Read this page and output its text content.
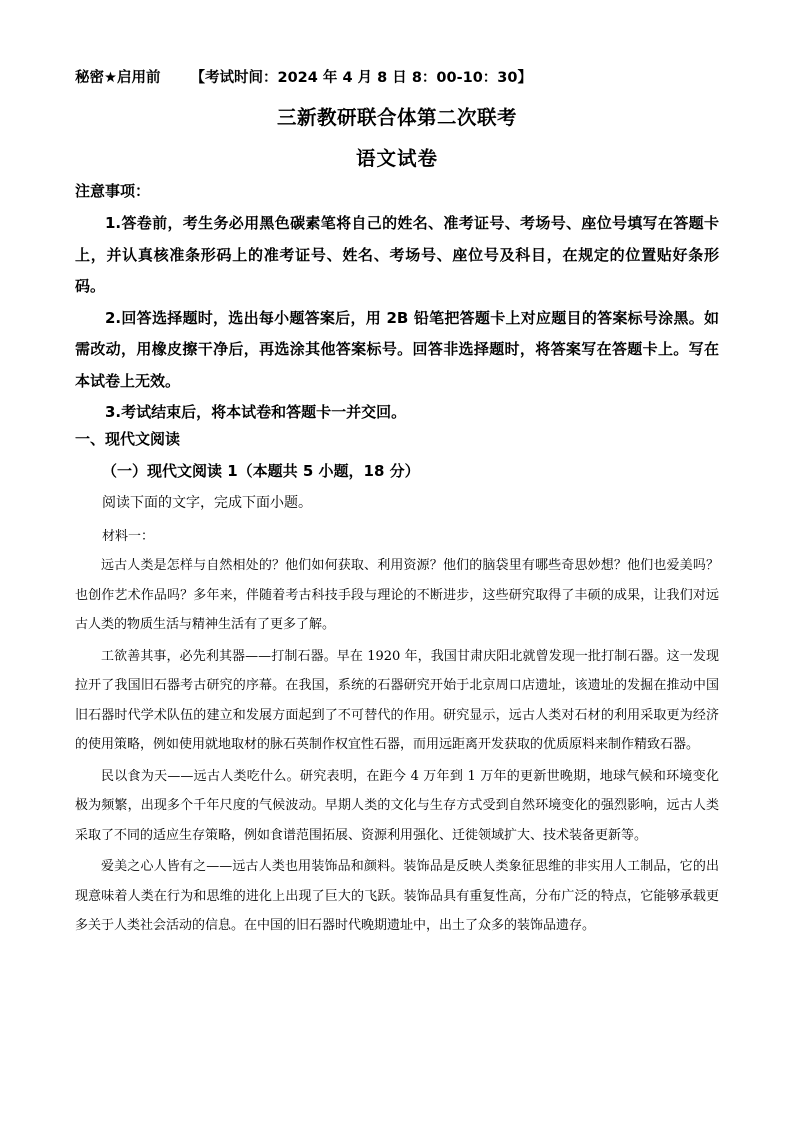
秘密★启用前 【考试时间：2024 年 4 月 8 日 8：00-10：30】
三新教研联合体第二次联考
语文试卷
注意事项：

1.答卷前，考生务必用黑色碳素笔将自己的姓名、准考证号、考场号、座位号填写在答题卡上，并认真核准条形码上的准考证号、姓名、考场号、座位号及科目，在规定的位置贴好条形码。

2.回答选择题时，选出每小题答案后，用 2B 铅笔把答题卡上对应题目的答案标号涂黑。如需改动，用橡皮擦干净后，再选涂其他答案标号。回答非选择题时，将答案写在答题卡上。写在本试卷上无效。

3.考试结束后，将本试卷和答题卡一并交回。

一、现代文阅读
（一）现代文阅读 1（本题共 5 小题，18 分）
阅读下面的文字，完成下面小题。
材料一：

远古人类是怎样与自然相处的？他们如何获取、利用资源？他们的脑袋里有哪些奇思妙想？他们也爱美吗？也创作艺术作品吗？多年来，伴随着考古科技手段与理论的不断进步，这些研究取得了丰硕的成果，让我们对远古人类的物质生活与精神生活有了更多了解。

工欲善其事，必先利其器——打制石器。早在 1920 年，我国甘肃庆阳北就曾发现一批打制石器。这一发现拉开了我国旧石器考古研究的序幕。在我国，系统的石器研究开始于北京周口店遗址，该遗址的发掘在推动中国旧石器时代学术队伍的建立和发展方面起到了不可替代的作用。研究显示，远古人类对石材的利用采取更为经济的使用策略，例如使用就地取材的脉石英制作权宜性石器，而用远距离开发获取的优质原料来制作精致石器。

民以食为天——远古人类吃什么。研究表明，在距今 4 万年到 1 万年的更新世晚期，地球气候和环境变化极为频繁，出现多个千年尺度的气候波动。早期人类的文化与生存方式受到自然环境变化的强烈影响，远古人类采取了不同的适应生存策略，例如食谱范围拓展、资源利用强化、迁徙领域扩大、技术装备更新等。

爱美之心人皆有之——远古人类也用装饰品和颜料。装饰品是反映人类象征思维的非实用人工制品，它的出现意味着人类在行为和思维的进化上出现了巨大的飞跃。装饰品具有重复性高，分布广泛的特点，它能够承载更多关于人类社会活动的信息。在中国的旧石器时代晚期遗址中，出土了众多的装饰品遗存。
